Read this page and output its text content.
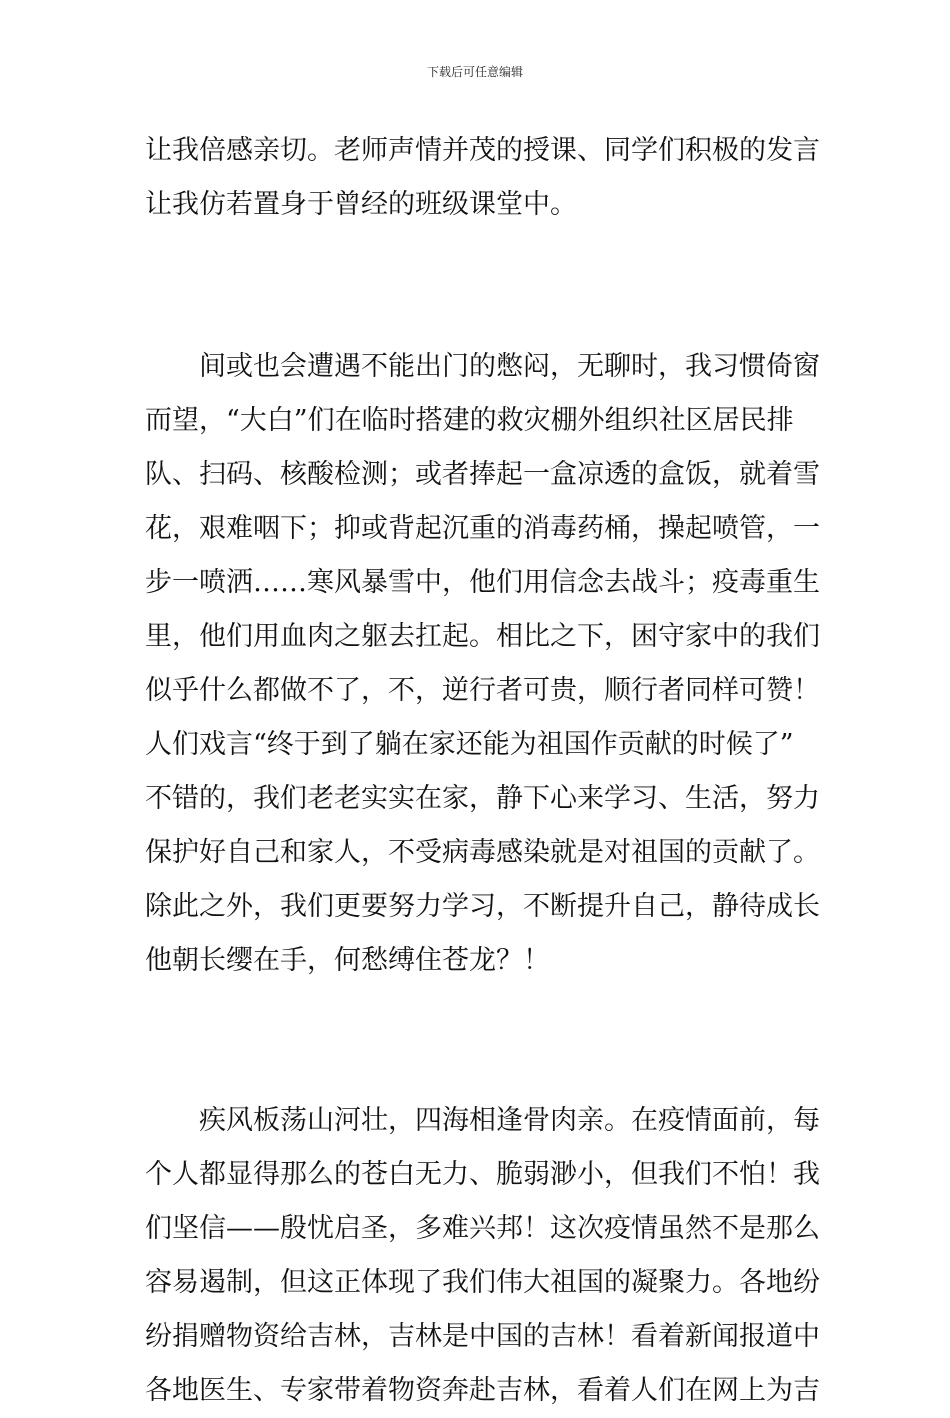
下载后可任意编辑
让我倍感亲切。老师声情并茂的授课、同学们积极的发言
让我仿若置身于曾经的班级课堂中。
间或也会遭遇不能出门的憋闷，无聊时，我习惯倚窗
而望，“大白”们在临时搭建的救灾棚外组织社区居民排
队、扫码、核酸检测；或者捧起一盒凉透的盒饭，就着雪
花，艰难咽下；抑或背起沉重的消毒药桶，操起喷管，一
步一喷洒……寒风暴雪中，他们用信念去战斗；疫毒重生
里，他们用血肉之躯去扛起。相比之下，困守家中的我们
似乎什么都做不了，不，逆行者可贵，顺行者同样可赞！
人们戏言“终于到了躺在家还能为祖国作贡献的时候了”
不错的，我们老老实实在家，静下心来学习、生活，努力
保护好自己和家人，不受病毒感染就是对祖国的贡献了。
除此之外，我们更要努力学习，不断提升自己，静待成长
他朝长缨在手，何愁缚住苍龙？！
疾风板荡山河壮，四海相逢骨肉亲。在疫情面前，每
个人都显得那么的苍白无力、脆弱渺小，但我们不怕！我
们坚信——殷忧启圣，多难兴邦！这次疫情虽然不是那么
容易遏制，但这正体现了我们伟大祖国的凝聚力。各地纷
纷捐赠物资给吉林，吉林是中国的吉林！看着新闻报道中
各地医生、专家带着物资奔赴吉林，看着人们在网上为吉
